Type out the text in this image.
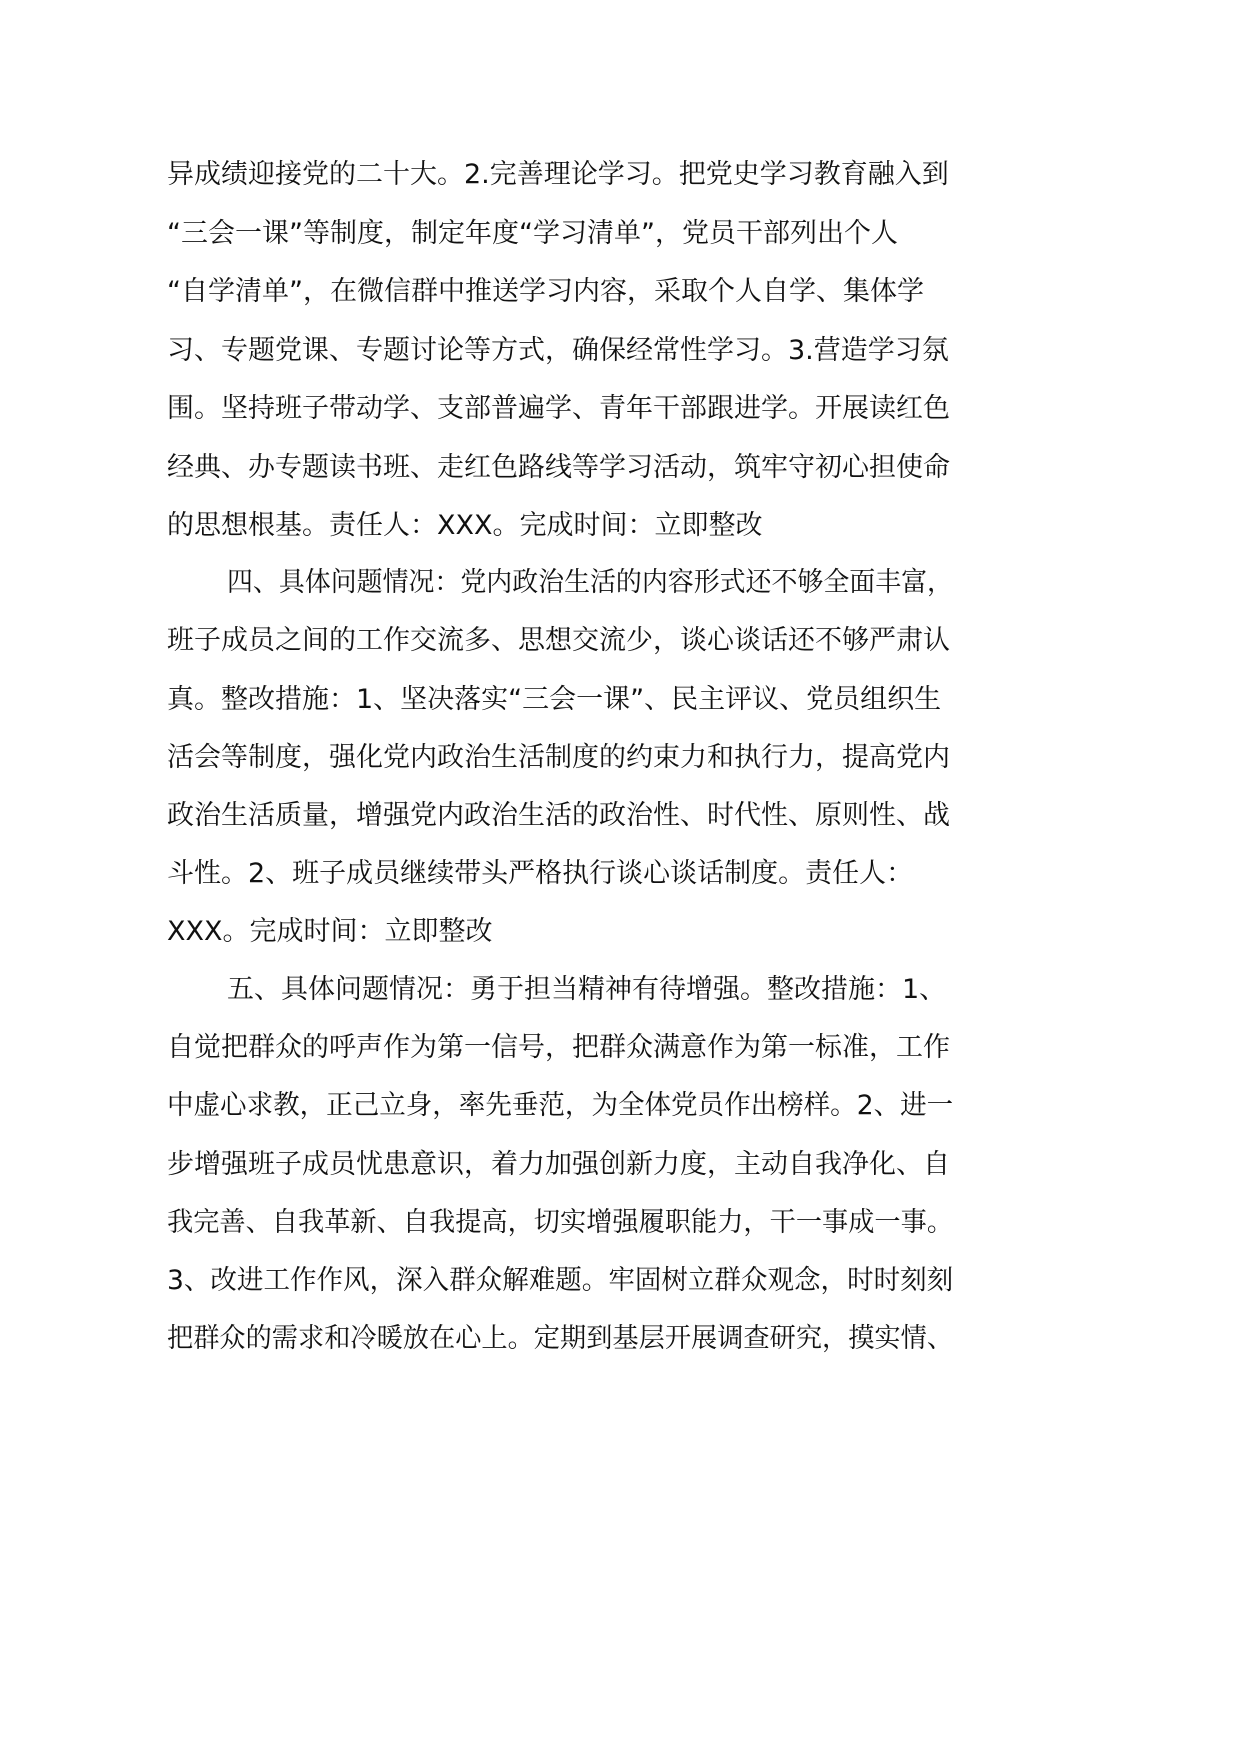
异成绩迎接党的二十大。2.完善理论学习。把党史学习教育融入到
“三会一课”等制度，制定年度“学习清单”，党员干部列出个人
“自学清单”，在微信群中推送学习内容，采取个人自学、集体学
习、专题党课、专题讨论等方式，确保经常性学习。3.营造学习氛
围。坚持班子带动学、支部普遍学、青年干部跟进学。开展读红色
经典、办专题读书班、走红色路线等学习活动，筑牢守初心担使命
的思想根基。责任人：XXX。完成时间：立即整改
四、具体问题情况：党内政治生活的内容形式还不够全面丰富，
班子成员之间的工作交流多、思想交流少，谈心谈话还不够严肃认
真。整改措施：1、坚决落实“三会一课”、民主评议、党员组织生
活会等制度，强化党内政治生活制度的约束力和执行力，提高党内
政治生活质量，增强党内政治生活的政治性、时代性、原则性、战
斗性。2、班子成员继续带头严格执行谈心谈话制度。责任人：
XXX。完成时间：立即整改
五、具体问题情况：勇于担当精神有待增强。整改措施：1、
自觉把群众的呼声作为第一信号，把群众满意作为第一标准，工作
中虚心求教，正己立身，率先垂范，为全体党员作出榜样。2、进一
步增强班子成员忧患意识，着力加强创新力度，主动自我净化、自
我完善、自我革新、自我提高，切实增强履职能力，干一事成一事。
3、改进工作作风，深入群众解难题。牢固树立群众观念，时时刻刻
把群众的需求和冷暖放在心上。定期到基层开展调查研究，摸实情、
